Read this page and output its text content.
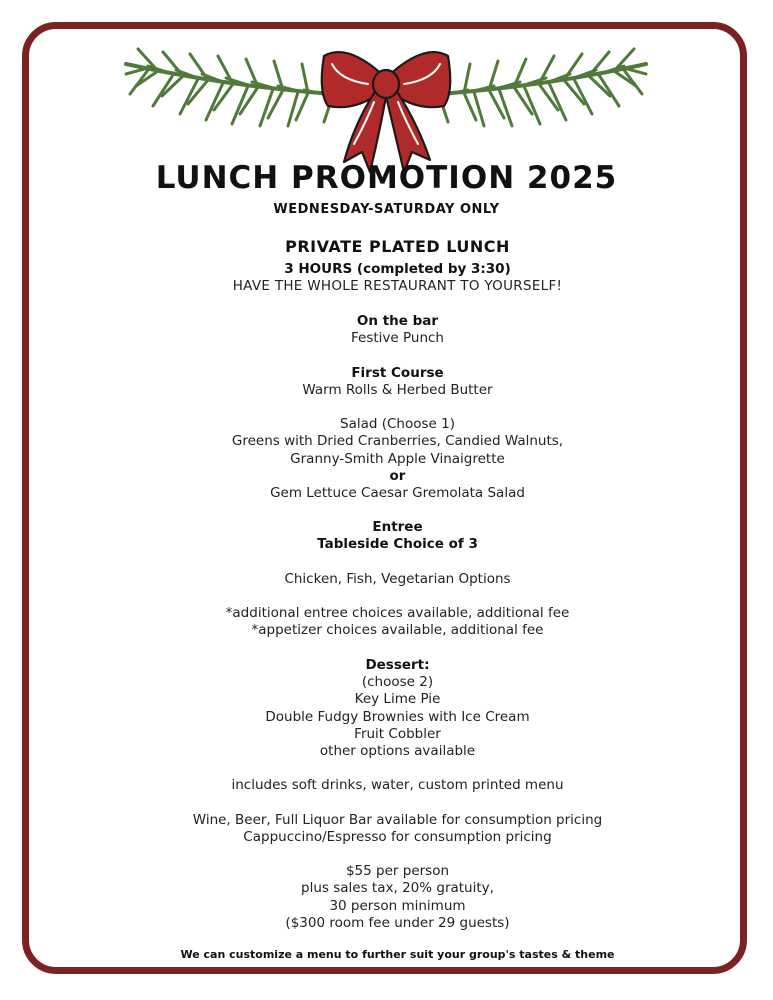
LUNCH PROMOTION 2025
WEDNESDAY-SATURDAY ONLY
PRIVATE PLATED LUNCH
3 HOURS (completed by 3:30)
HAVE THE WHOLE RESTAURANT TO YOURSELF!
On the bar
Festive Punch
First Course
Warm Rolls & Herbed Butter
Salad (Choose 1)
Greens with Dried Cranberries, Candied Walnuts,
Granny-Smith Apple Vinaigrette
or
Gem Lettuce Caesar Gremolata Salad
Entree
Tableside Choice of 3
Chicken, Fish, Vegetarian Options
*additional entree choices available, additional fee
*appetizer choices available, additional fee
Dessert:
(choose 2)
Key Lime Pie
Double Fudgy Brownies with Ice Cream
Fruit Cobbler
other options available
includes soft drinks, water, custom printed menu
Wine, Beer, Full Liquor Bar available for consumption pricing
Cappuccino/Espresso for consumption pricing
$55 per person
plus sales tax, 20% gratuity,
30 person minimum
($300 room fee under 29 guests)
We can customize a menu to further suit your group's tastes & theme
